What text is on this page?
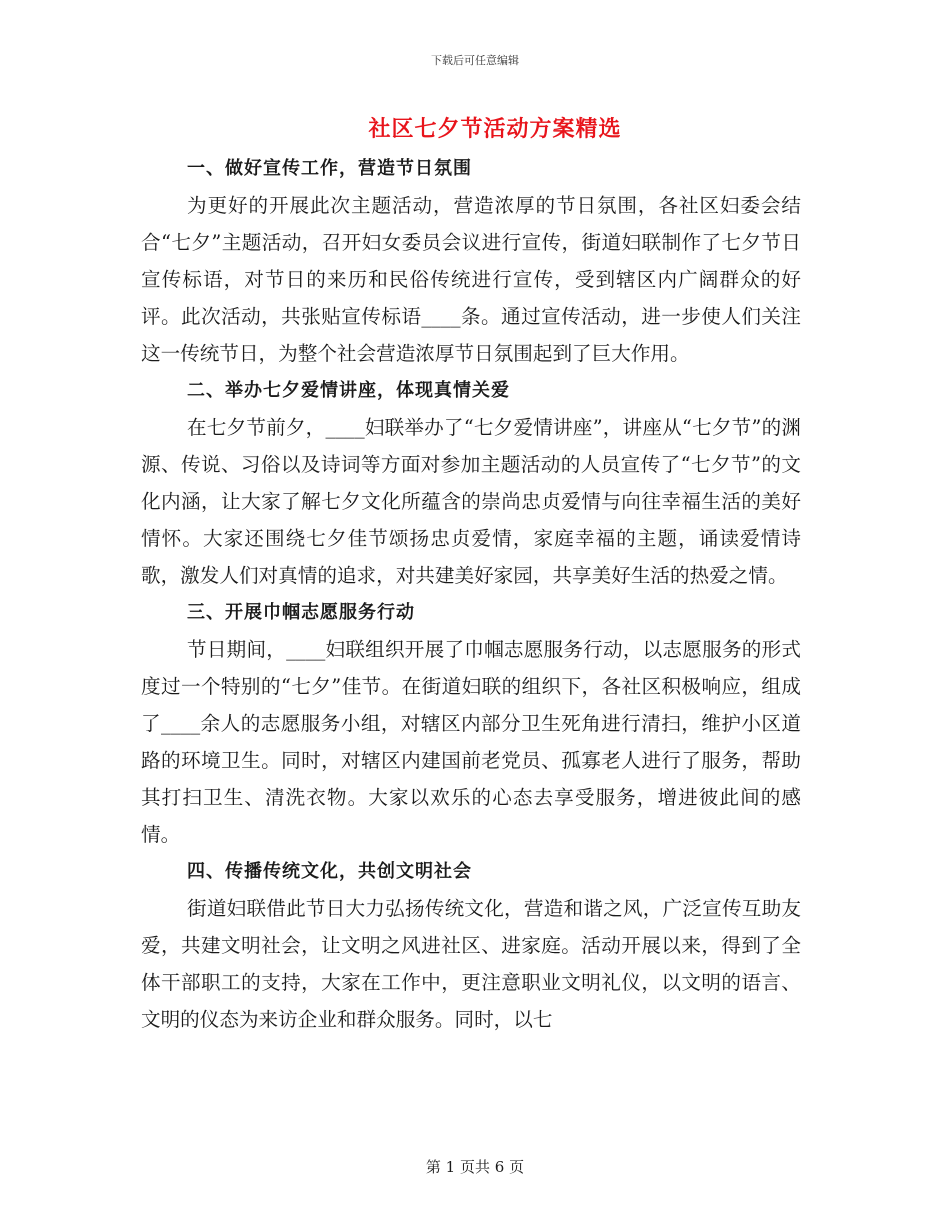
下载后可任意编辑
社区七夕节活动方案精选
一、做好宣传工作，营造节日氛围

为更好的开展此次主题活动，营造浓厚的节日氛围，各社区妇委会结合“七夕”主题活动，召开妇女委员会议进行宣传，街道妇联制作了七夕节日宣传标语，对节日的来历和民俗传统进行宣传，受到辖区内广阔群众的好评。此次活动，共张贴宣传标语____条。通过宣传活动，进一步使人们关注这一传统节日，为整个社会营造浓厚节日氛围起到了巨大作用。

二、举办七夕爱情讲座，体现真情关爱

在七夕节前夕，____妇联举办了“七夕爱情讲座”，讲座从“七夕节”的渊源、传说、习俗以及诗词等方面对参加主题活动的人员宣传了“七夕节”的文化内涵，让大家了解七夕文化所蕴含的崇尚忠贞爱情与向往幸福生活的美好情怀。大家还围绕七夕佳节颂扬忠贞爱情，家庭幸福的主题，诵读爱情诗歌，激发人们对真情的追求，对共建美好家园，共享美好生活的热爱之情。

三、开展巾帼志愿服务行动

节日期间，____妇联组织开展了巾帼志愿服务行动，以志愿服务的形式度过一个特别的“七夕”佳节。在街道妇联的组织下，各社区积极响应，组成了____余人的志愿服务小组，对辖区内部分卫生死角进行清扫，维护小区道路的环境卫生。同时，对辖区内建国前老党员、孤寡老人进行了服务，帮助其打扫卫生、清洗衣物。大家以欢乐的心态去享受服务，增进彼此间的感情。

四、传播传统文化，共创文明社会

街道妇联借此节日大力弘扬传统文化，营造和谐之风，广泛宣传互助友爱，共建文明社会，让文明之风进社区、进家庭。活动开展以来，得到了全体干部职工的支持，大家在工作中，更注意职业文明礼仪，以文明的语言、文明的仪态为来访企业和群众服务。同时，以七

第 1 页共 6 页
